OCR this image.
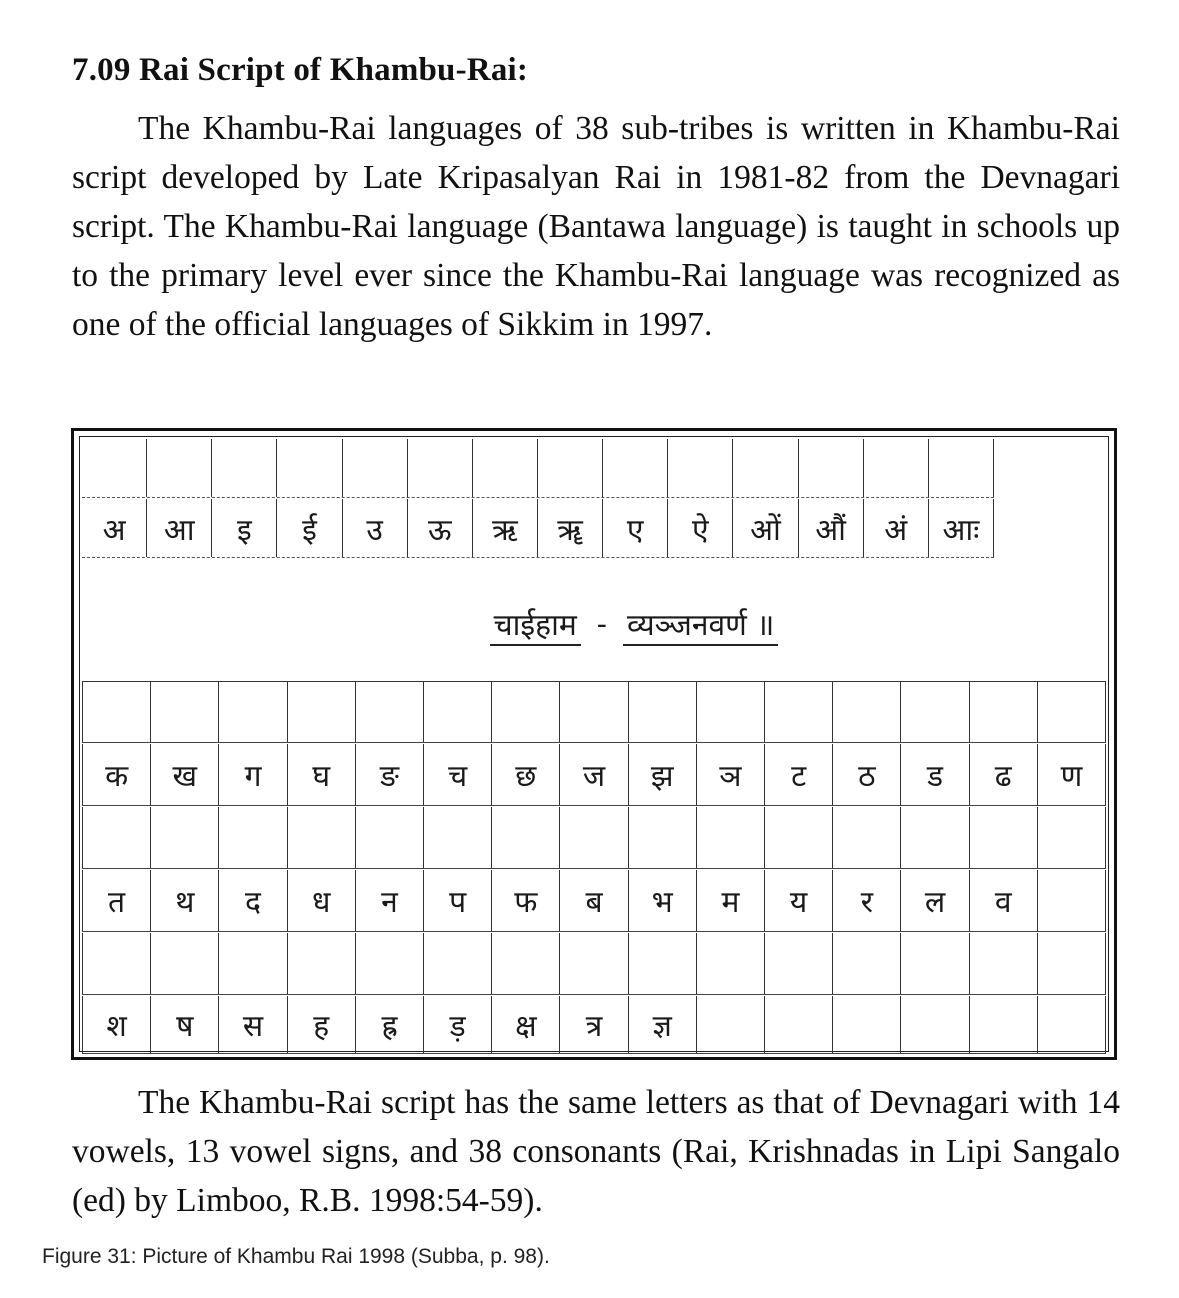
7.09 Rai Script of Khambu-Rai:
The Khambu-Rai languages of 38 sub-tribes is written in Khambu-Rai script developed by Late Kripasalyan Rai in 1981-82 from the Devnagari script. The Khambu-Rai language (Bantawa language) is taught in schools up to the primary level ever since the Khambu-Rai language was recognized as one of the official languages of Sikkim in 1997.
अ	आ	इ	ई	उ	ऊ	ऋ	ॠ	ए	ऐ	ओं	औं	अं	आः
चाईहाम - व्यञ्जनवर्ण ॥
क	ख	ग	घ	ङ	च	छ	ज	झ	ञ	ट	ठ	ड	ढ	ण
त	थ	द	ध	न	प	फ	ब	भ	म	य	र	ल	व
श	ष	स	ह	ह्र	ड़	क्ष	त्र	ज्ञ
The Khambu-Rai script has the same letters as that of Devnagari with 14 vowels, 13 vowel signs, and 38 consonants (Rai, Krishnadas in Lipi Sangalo (ed) by Limboo, R.B. 1998:54-59).
Figure 31: Picture of Khambu Rai 1998 (Subba, p. 98).
